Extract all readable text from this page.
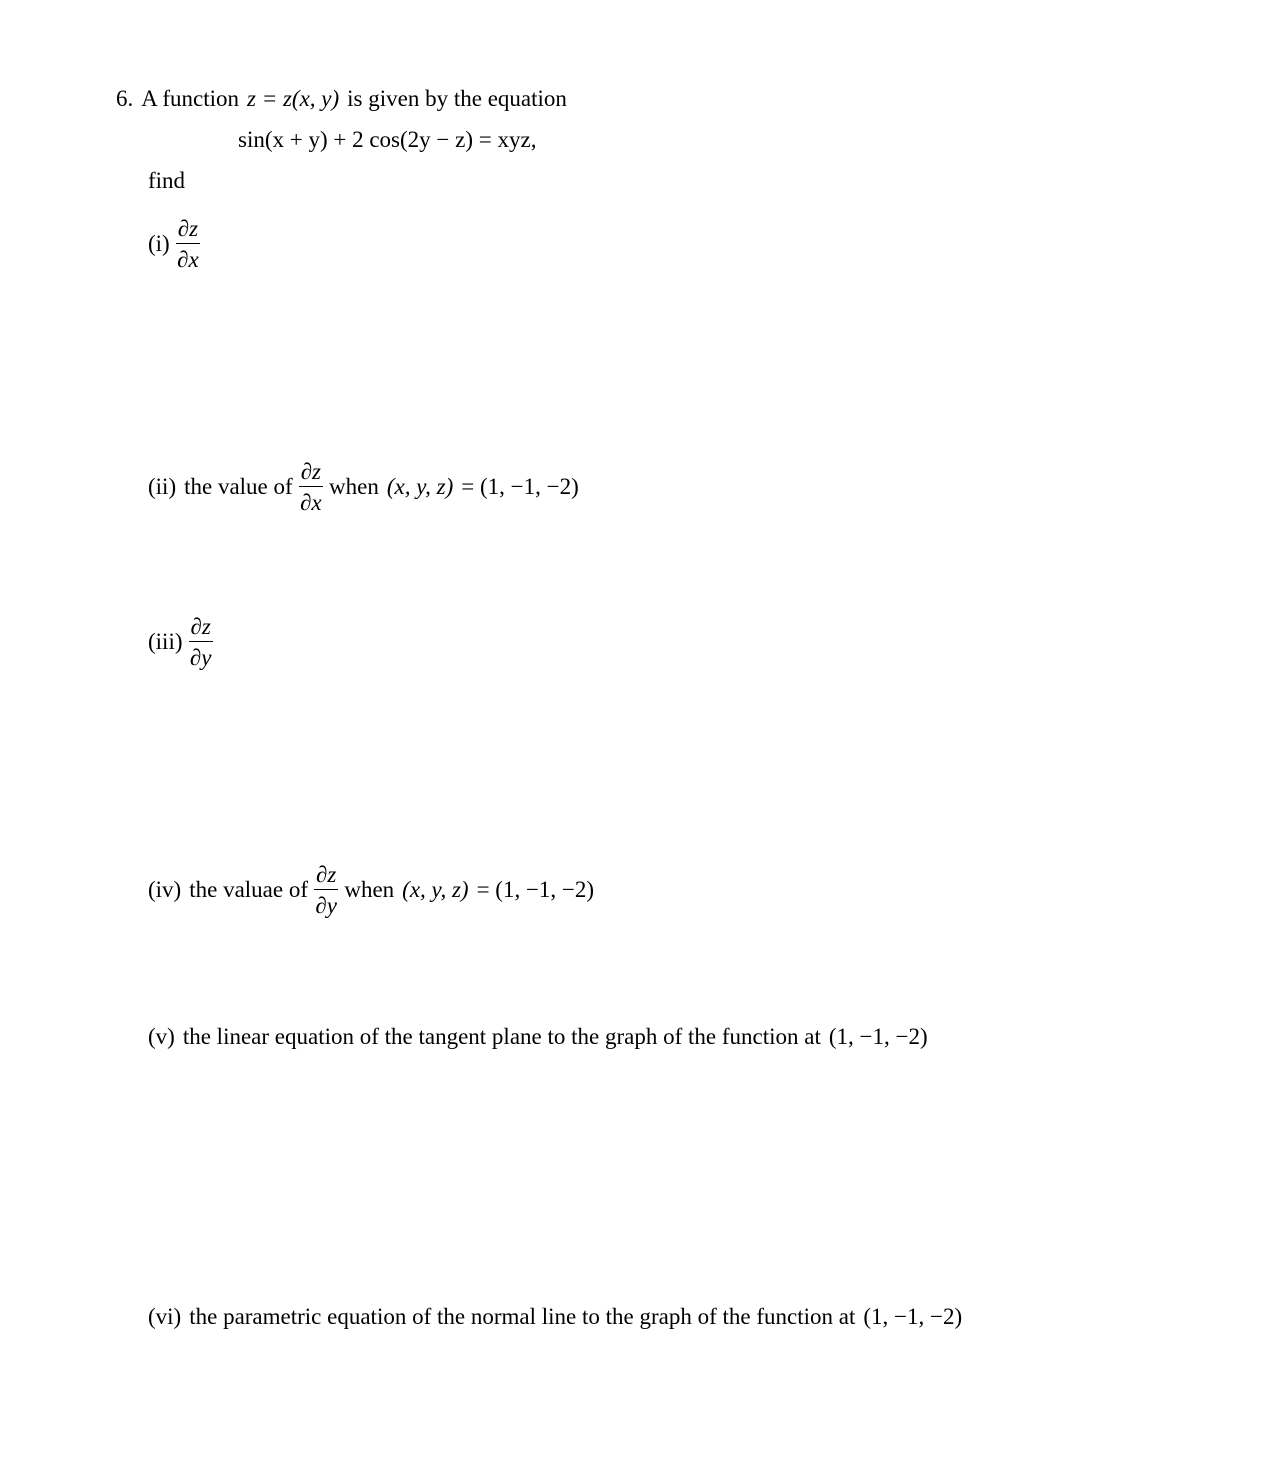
6. A function z = z(x, y) is given by the equation
sin(x + y) + 2 cos(2y − z) = xyz,
find
$(i) \frac{\partial z}{\partial x}$
(ii) the value of $\frac{\partial z}{\partial x}$ when (x, y, z) = (1, −1, −2)
$(iii) \frac{\partial z}{\partial y}$
(iv) the valuae of $\frac{\partial z}{\partial y}$ when (x, y, z) = (1, −1, −2)
(v) the linear equation of the tangent plane to the graph of the function at (1, −1, −2)
(vi) the parametric equation of the normal line to the graph of the function at (1, −1, −2)
